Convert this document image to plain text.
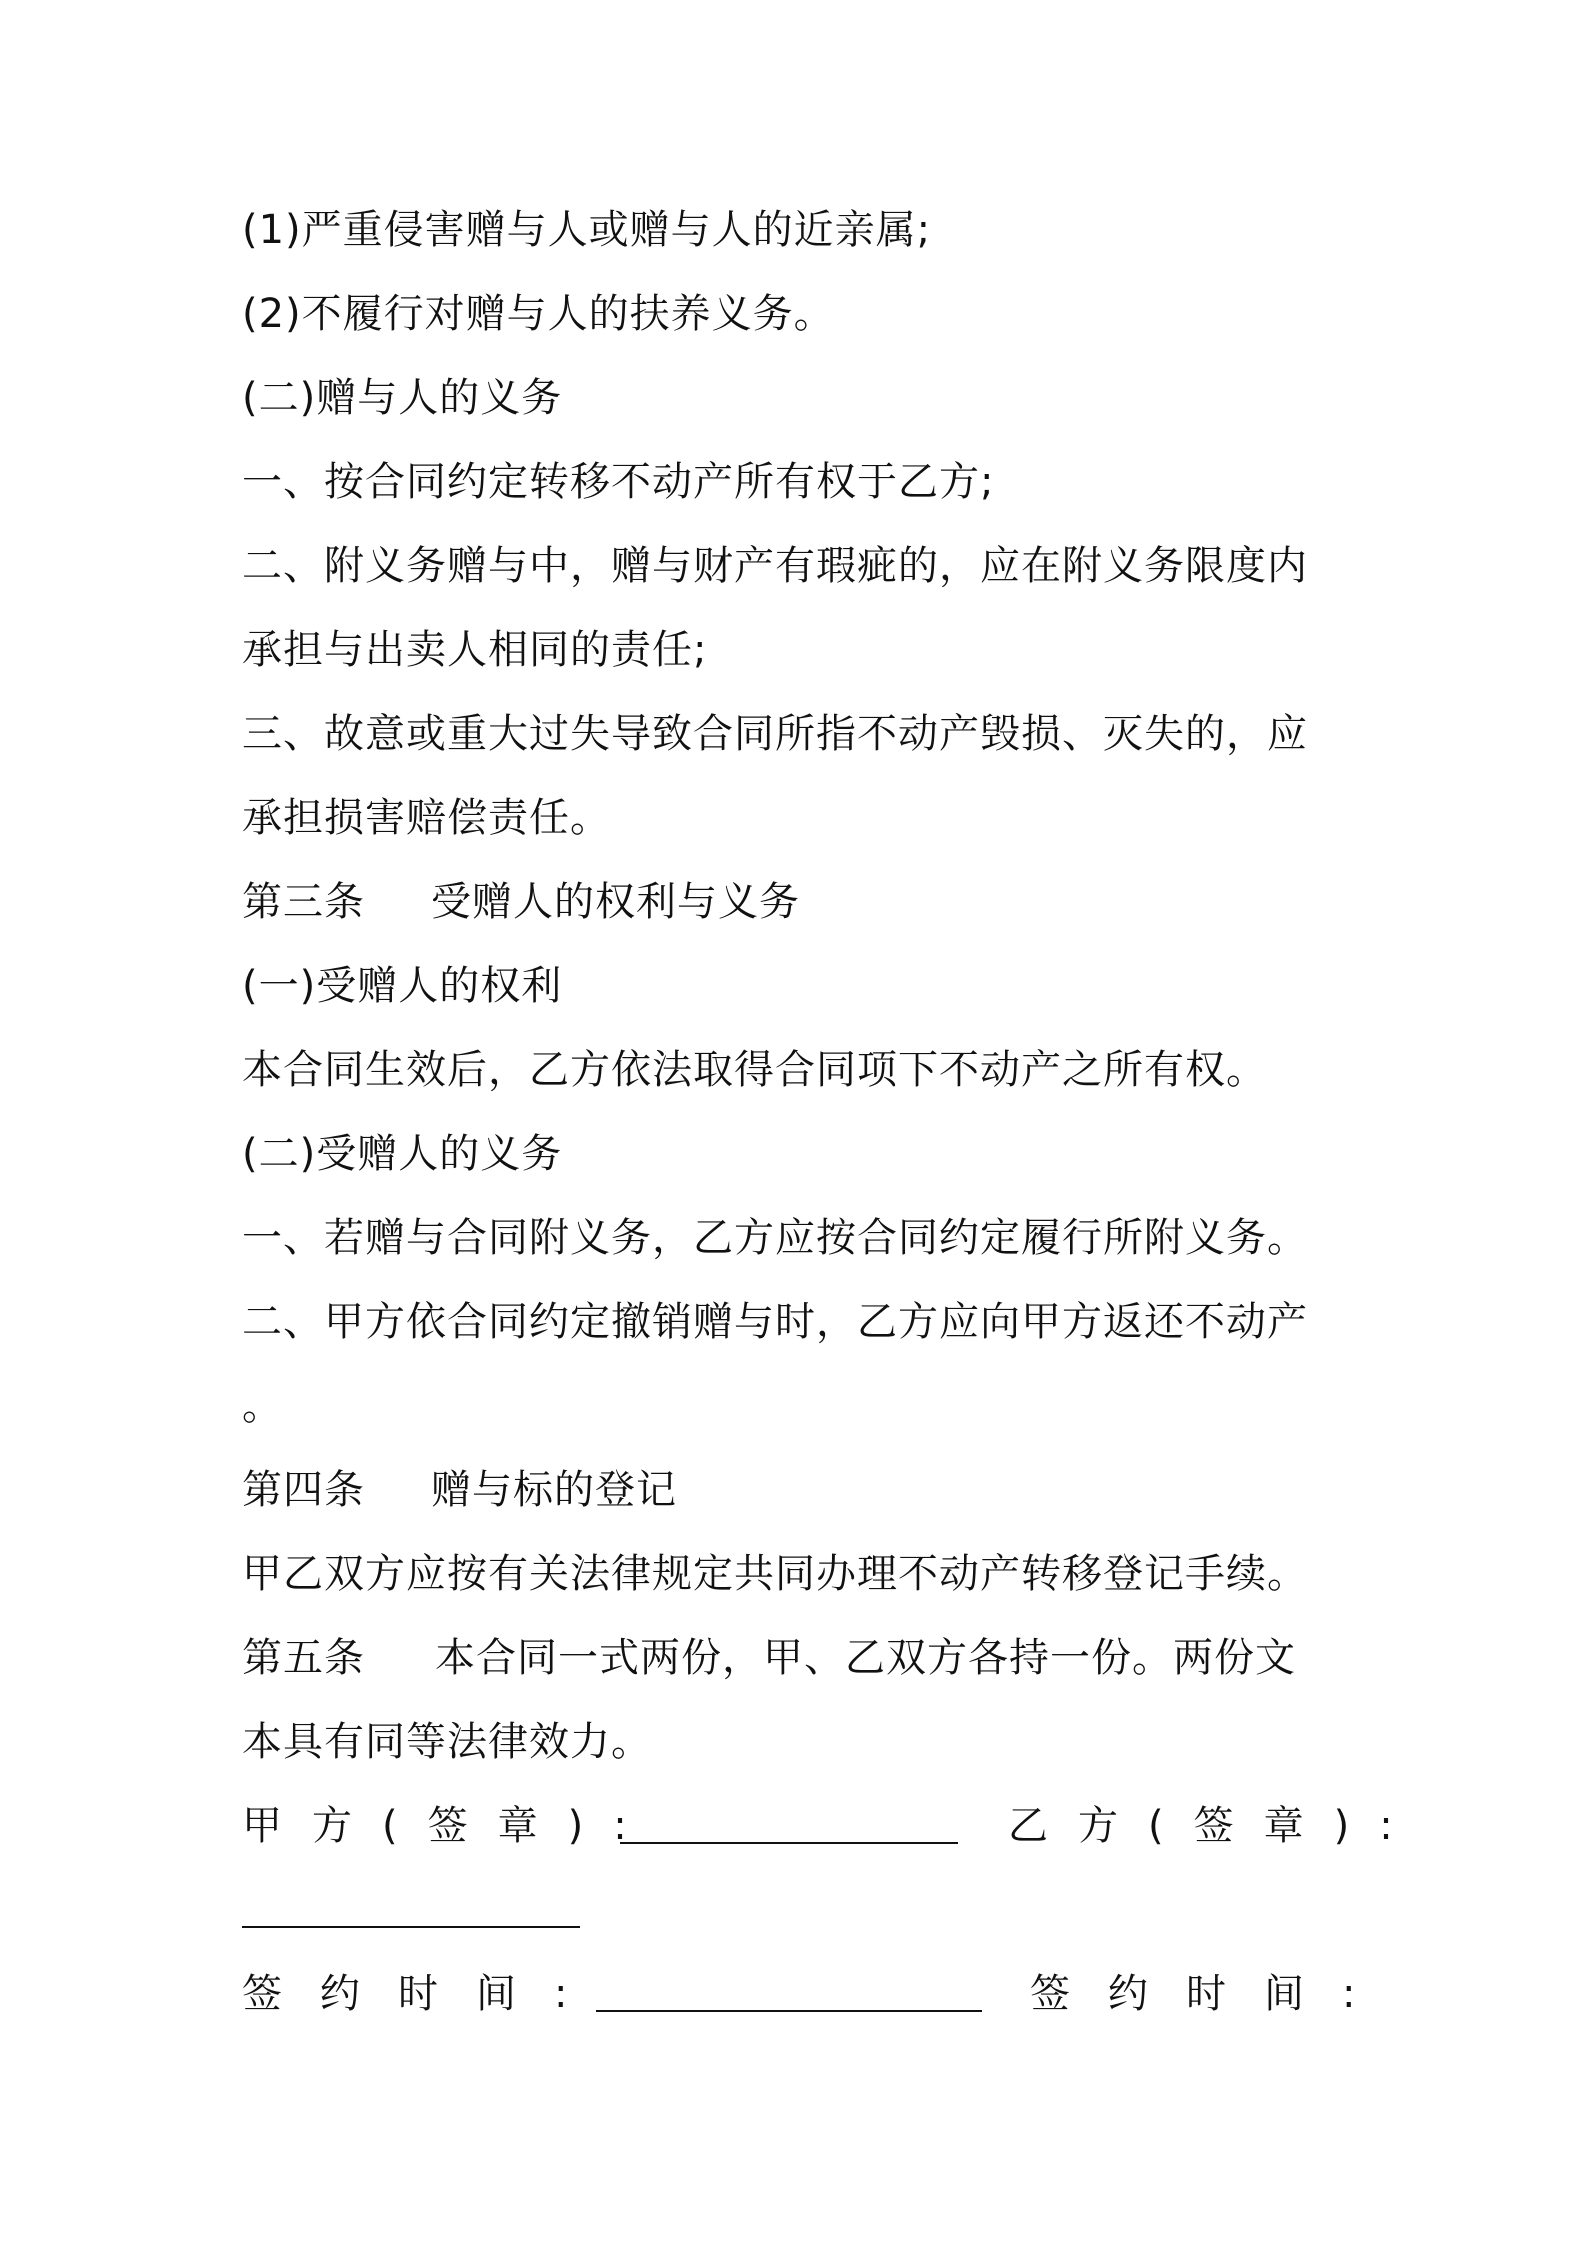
(1)严重侵害赠与人或赠与人的近亲属;
(2)不履行对赠与人的扶养义务。
(二)赠与人的义务
一、按合同约定转移不动产所有权于乙方;
二、附义务赠与中，赠与财产有瑕疵的，应在附义务限度内
承担与出卖人相同的责任;
三、故意或重大过失导致合同所指不动产毁损、灭失的，应
承担损害赔偿责任。
第三条 受赠人的权利与义务
(一)受赠人的权利
本合同生效后，乙方依法取得合同项下不动产之所有权。
(二)受赠人的义务
一、若赠与合同附义务，乙方应按合同约定履行所附义务。
二、甲方依合同约定撤销赠与时，乙方应向甲方返还不动产
。
第四条 赠与标的登记
甲乙双方应按有关法律规定共同办理不动产转移登记手续。
第五条 本合同一式两份，甲、乙双方各持一份。两份文
本具有同等法律效力。
甲方(签章):	乙方(签章):
签约时间:	签约时间:
